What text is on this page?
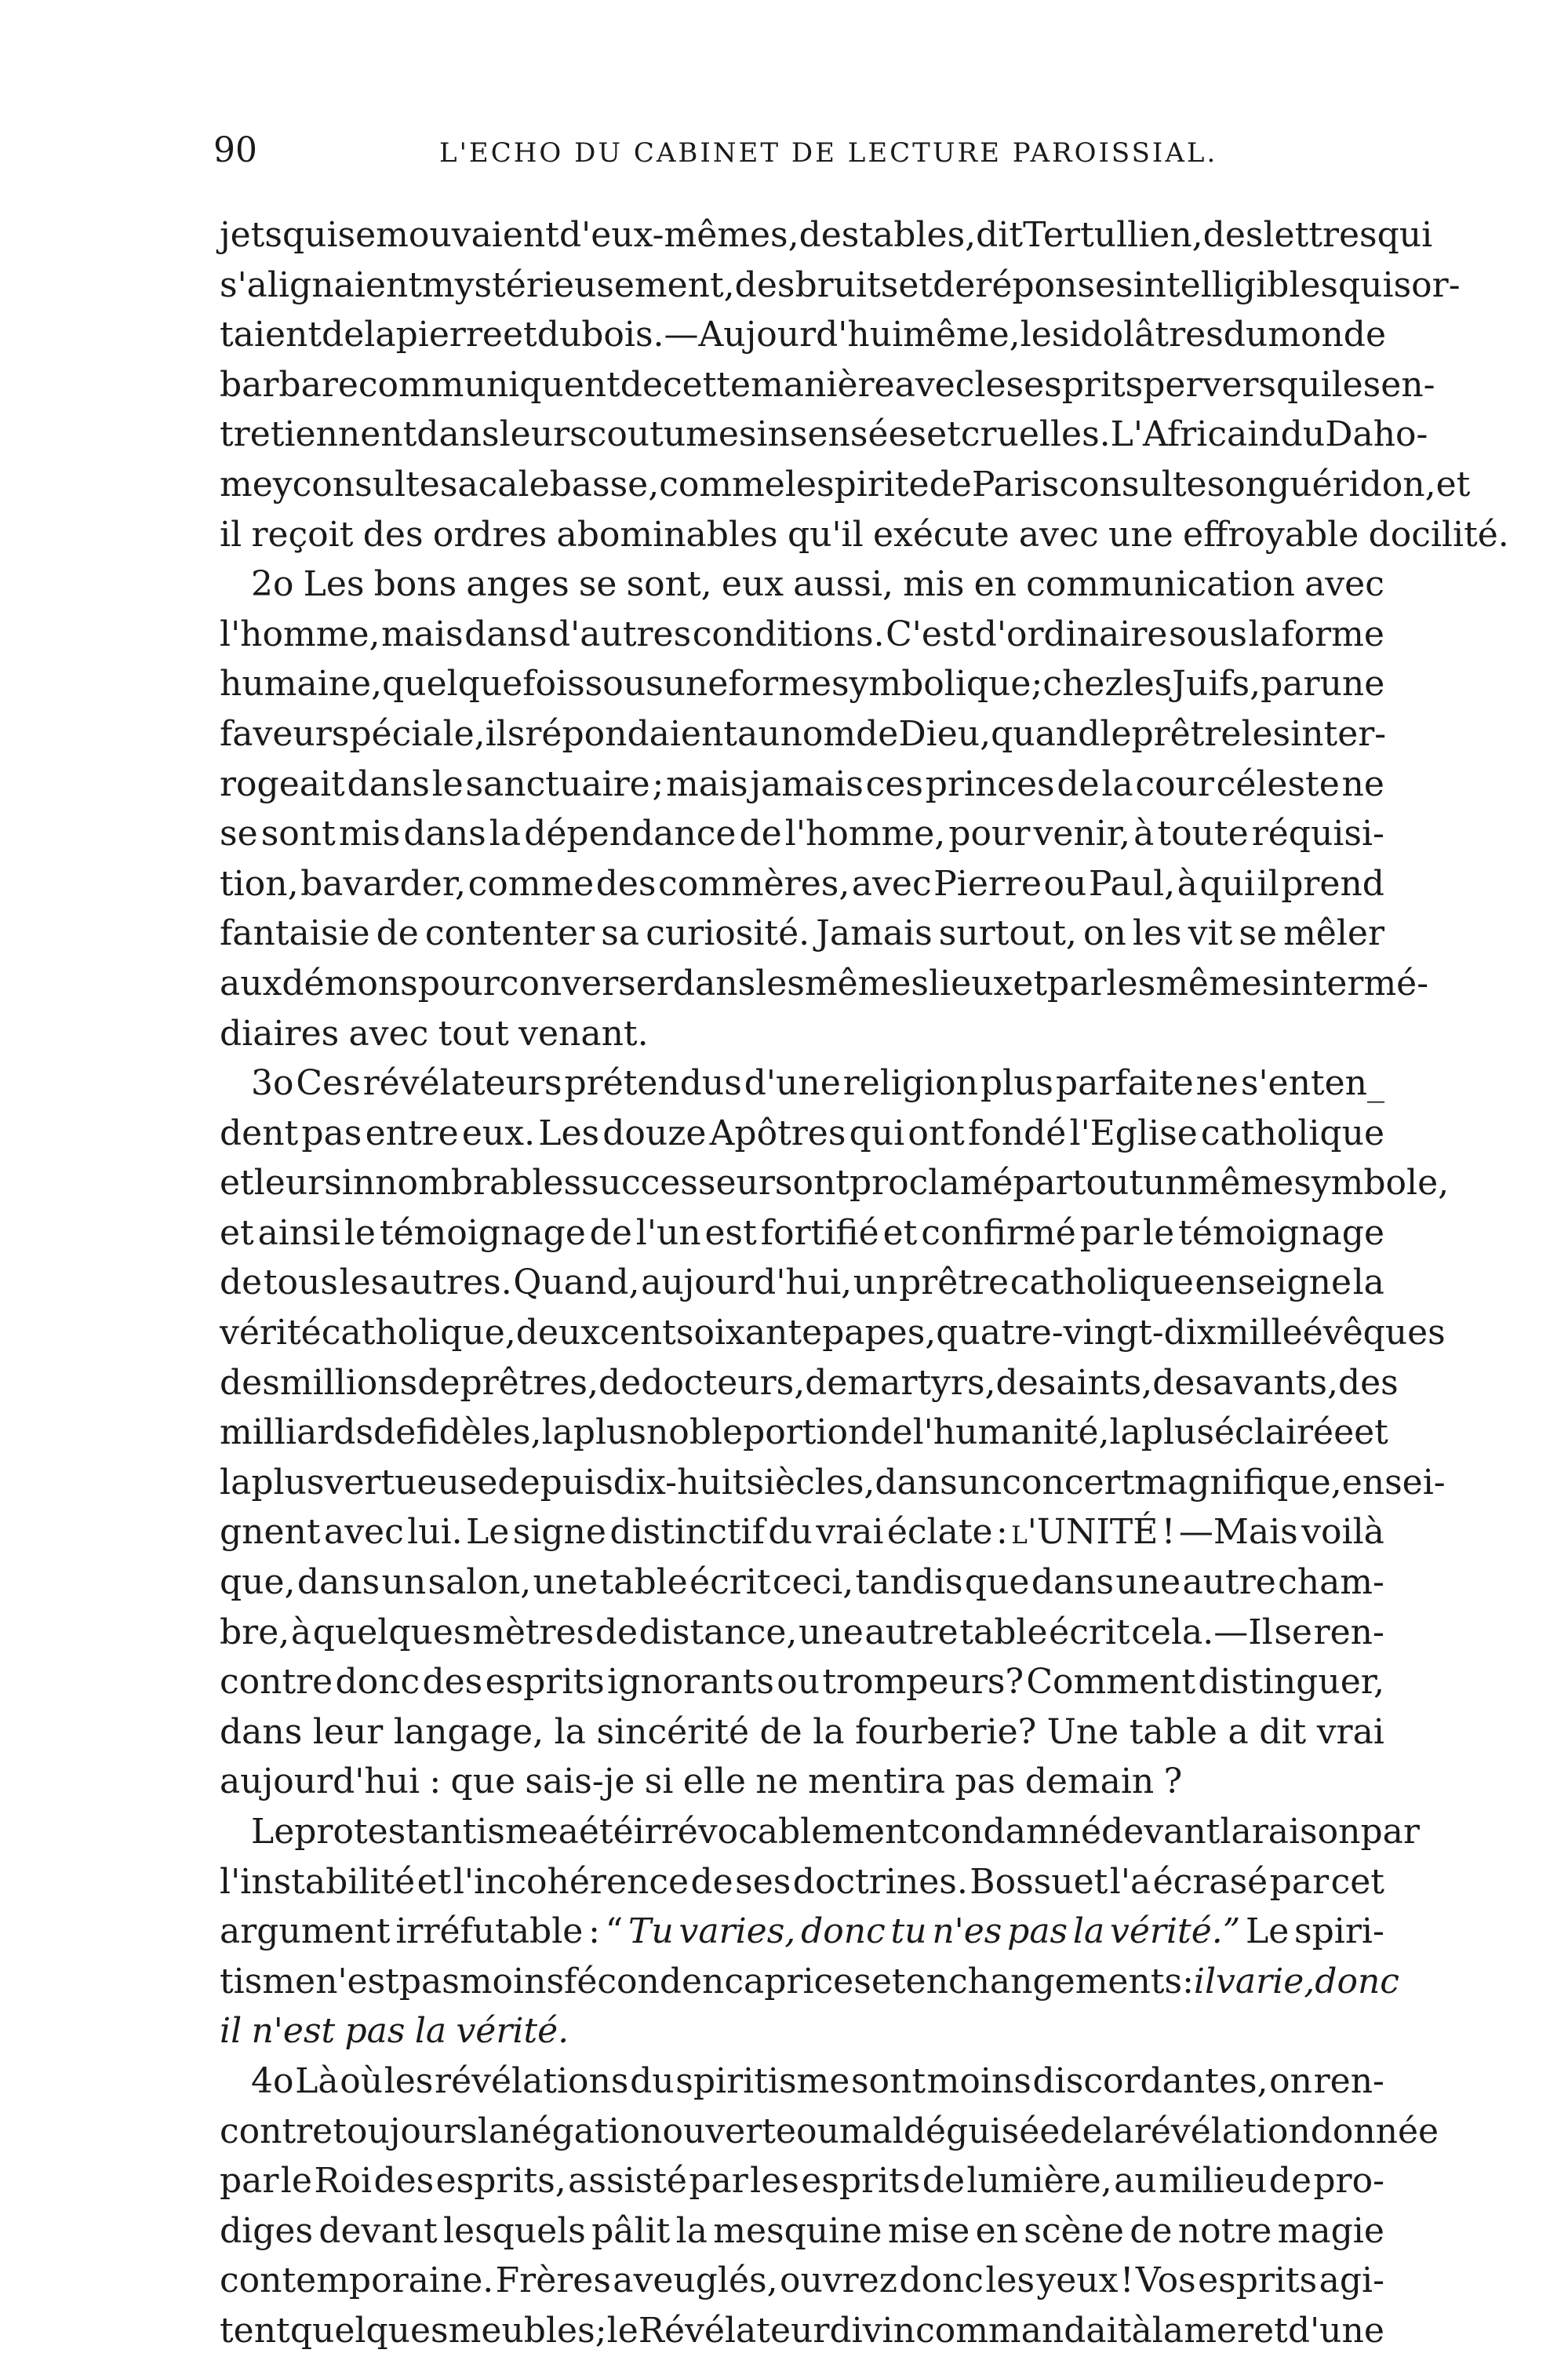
90	L'ECHO DU CABINET DE LECTURE PAROISSIAL.
jets qui se mouvaient d'eux-mêmes, des tables, dit Tertullien, des lettres qui
s'alignaient mystérieusement, des bruits et de réponses intelligibles qui sor-
taient de la pierre et du bois.—Aujourd'hui même, les idolâtres du monde
barbare communiquent de cette manière avec les esprits pervers qui les en-
tretiennent dans leurs coutumes insensées et cruelles. L'Africain du Daho-
mey consulte sa calebasse, comme le spirite de Paris consulte son guéridon, et
il reçoit des ordres abominables qu'il exécute avec une effroyable docilité.
2o Les bons anges se sont, eux aussi, mis en communication avec
l'homme, mais dans d'autres conditions. C'est d'ordinaire sous la forme
humaine, quelquefois sous une forme symbolique ; chez les Juifs, par une
faveur spéciale, ils répondaient au nom de Dieu, quand le prêtre les inter-
rogeait dans le sanctuaire ; mais jamais ces princes de la cour céleste ne
se sont mis dans la dépendance de l'homme, pour venir, à toute réquisi-
tion, bavarder, comme des commères, avec Pierre ou Paul, à qui il prend
fantaisie de contenter sa curiosité. Jamais surtout, on les vit se mêler
aux démons pour converser dans les mêmes lieux et par les mêmes intermé-
diaires avec tout venant.
3o Ces révélateurs prétendus d'une religion plus parfaite ne s'enten_
dent pas entre eux. Les douze Apôtres qui ont fondé l'Eglise catholique
et leurs innombrables successeurs ont proclamé partout un même symbole,
et ainsi le témoignage de l'un est fortifié et confirmé par le témoignage
de tous les autres. Quand, aujourd'hui, un prêtre catholique enseigne la
vérité catholique, deux cent soixante papes, quatre-vingt-dix mille évêques
des millions de prêtres, de docteurs, de martyrs, de saints, de savants, des
milliards de fidèles, la plus noble portion de l'humanité, la plus éclairée et
la plus vertueuse depuis dix-huit siècles, dans un concert magnifique, ensei-
gnent avec lui. Le signe distinctif du vrai éclate : l'UNITÉ ! —Mais voilà
que, dans un salon, une table écrit ceci, tandis que dans une autre cham-
bre, à quelques mètres de distance, une autre table écrit cela.—Il se ren-
contre donc des esprits ignorants ou trompeurs? Comment distinguer,
dans leur langage, la sincérité de la fourberie? Une table a dit vrai
aujourd'hui : que sais-je si elle ne mentira pas demain ?
Le protestantisme a été irrévocablement condamné devant la raison par
l'instabilité et l'incohérence de ses doctrines. Bossuet l'a écrasé par cet
argument irréfutable : “ Tu varies, donc tu n'es pas la vérité.” Le spiri-
tisme n'est pas moins fécond en caprices et en changements : il varie, donc
il n'est pas la vérité.
4o Là où les révélations du spiritisme sont moins discordantes, on ren-
contre toujours la négation ouverte ou mal déguisée de la révélation donnée
par le Roi des esprits, assisté par les esprits de lumière, au milieu de pro-
diges devant lesquels pâlit la mesquine mise en scène de notre magie
contemporaine. Frères aveuglés, ouvrez donc les yeux ! Vos esprits agi-
tent quelques meubles ; le Révélateur divin commandait à la mer et d'une
